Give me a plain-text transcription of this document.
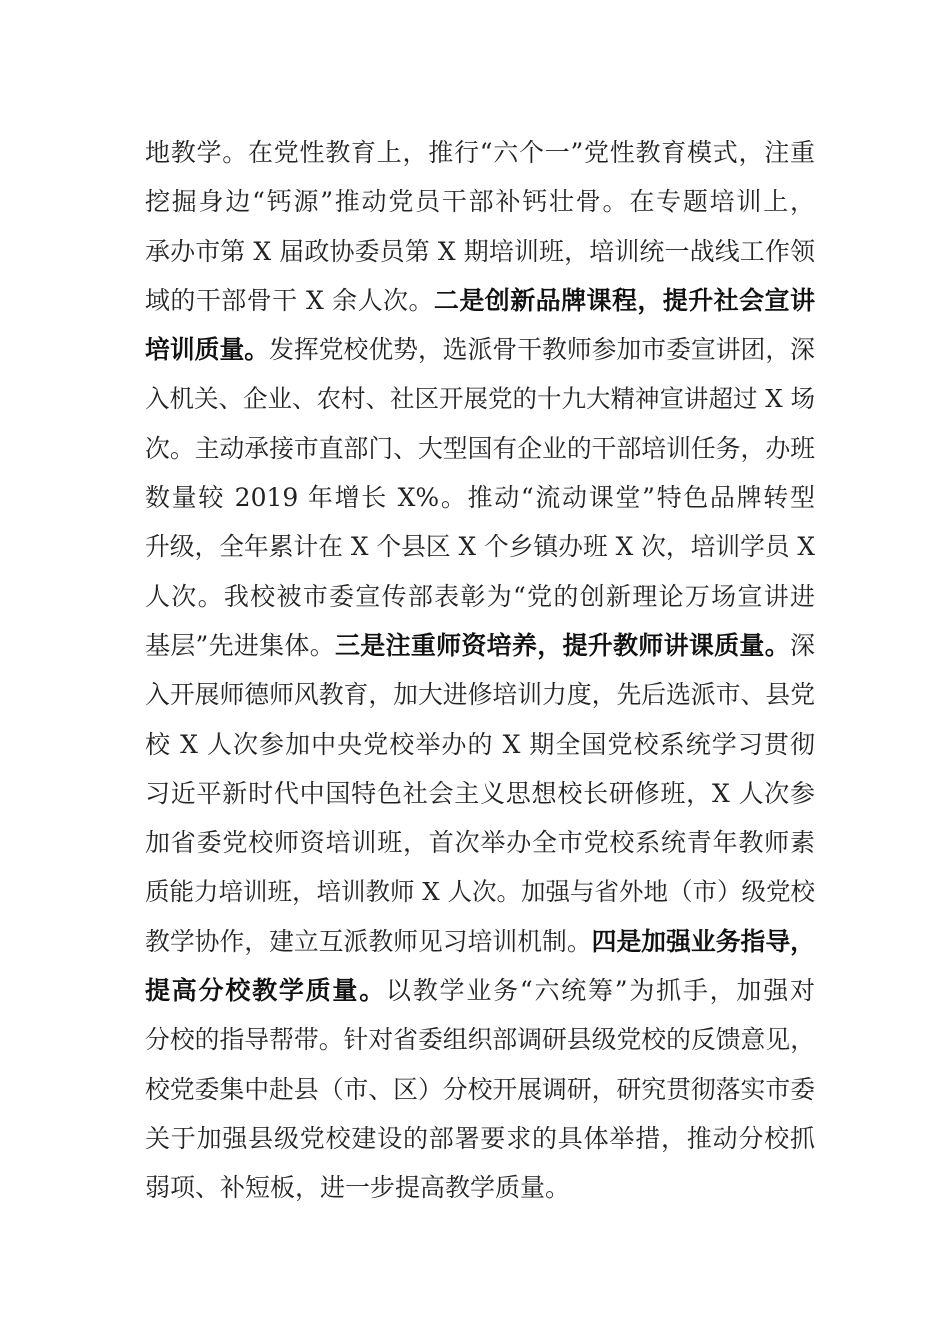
地教学。在党性教育上，推行“六个一”党性教育模式，注重
挖掘身边“钙源”推动党员干部补钙壮骨。在专题培训上，
承办市第 X 届政协委员第 X 期培训班，培训统一战线工作领
域的干部骨干 X 余人次。二是创新品牌课程，提升社会宣讲
培训质量。发挥党校优势，选派骨干教师参加市委宣讲团，深
入机关、企业、农村、社区开展党的十九大精神宣讲超过 X 场
次。主动承接市直部门、大型国有企业的干部培训任务，办班
数量较 2019 年增长 X%。推动“流动课堂”特色品牌转型
升级，全年累计在 X 个县区 X 个乡镇办班 X 次，培训学员 X
人次。我校被市委宣传部表彰为“党的创新理论万场宣讲进
基层”先进集体。三是注重师资培养，提升教师讲课质量。深
入开展师德师风教育，加大进修培训力度，先后选派市、县党
校 X 人次参加中央党校举办的 X 期全国党校系统学习贯彻
习近平新时代中国特色社会主义思想校长研修班，X 人次参
加省委党校师资培训班，首次举办全市党校系统青年教师素
质能力培训班，培训教师 X 人次。加强与省外地（市）级党校
教学协作，建立互派教师见习培训机制。四是加强业务指导，
提高分校教学质量。以教学业务“六统筹”为抓手，加强对
分校的指导帮带。针对省委组织部调研县级党校的反馈意见，
校党委集中赴县（市、区）分校开展调研，研究贯彻落实市委
关于加强县级党校建设的部署要求的具体举措，推动分校抓
弱项、补短板，进一步提高教学质量。
